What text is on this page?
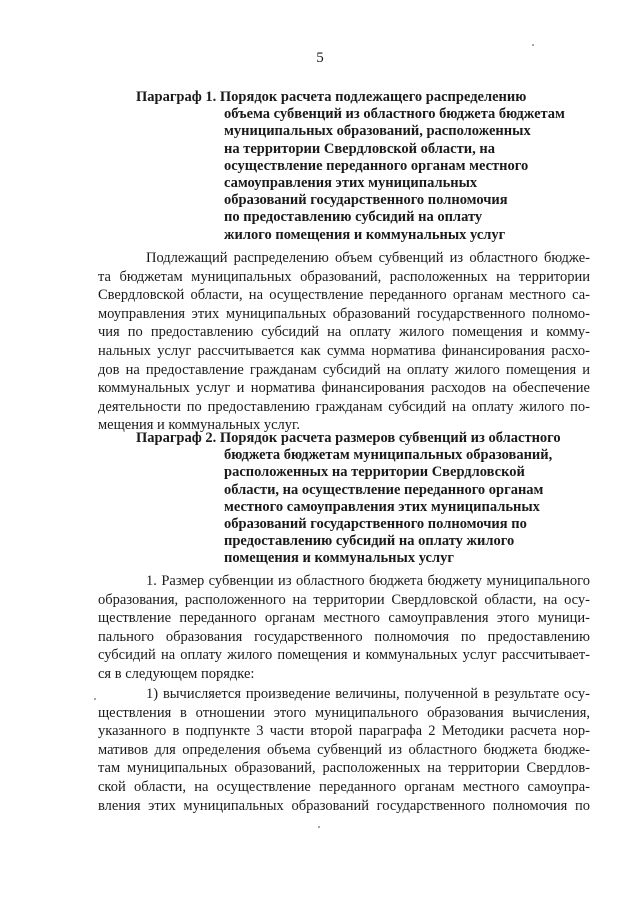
5
Параграф 1. Порядок расчета подлежащего распределению
объема субвенций из областного бюджета бюджетам
муниципальных образований, расположенных
на территории Свердловской области, на
осуществление переданного органам местного
самоуправления этих муниципальных
образований государственного полномочия
по предоставлению субсидий на оплату
жилого помещения и коммунальных услуг
Подлежащий распределению объем субвенций из областного бюдже-
та бюджетам муниципальных образований, расположенных на территории
Свердловской области, на осуществление переданного органам местного са-
моуправления этих муниципальных образований государственного полномо-
чия по предоставлению субсидий на оплату жилого помещения и комму-
нальных услуг рассчитывается как сумма норматива финансирования расхо-
дов на предоставление гражданам субсидий на оплату жилого помещения и
коммунальных услуг и норматива финансирования расходов на обеспечение
деятельности по предоставлению гражданам субсидий на оплату жилого по-
мещения и коммунальных услуг.
Параграф 2. Порядок расчета размеров субвенций из областного
бюджета бюджетам муниципальных образований,
расположенных на территории Свердловской
области, на осуществление переданного органам
местного самоуправления этих муниципальных
образований государственного полномочия по
предоставлению субсидий на оплату жилого
помещения и коммунальных услуг
1. Размер субвенции из областного бюджета бюджету муниципального
образования, расположенного на территории Свердловской области, на осу-
ществление переданного органам местного самоуправления этого муници-
пального образования государственного полномочия по предоставлению
субсидий на оплату жилого помещения и коммунальных услуг рассчитывает-
ся в следующем порядке:
1) вычисляется произведение величины, полученной в результате осу-
ществления в отношении этого муниципального образования вычисления,
указанного в подпункте 3 части второй параграфа 2 Методики расчета нор-
мативов для определения объема субвенций из областного бюджета бюдже-
там муниципальных образований, расположенных на территории Свердлов-
ской области, на осуществление переданного органам местного самоупра-
вления этих муниципальных образований государственного полномочия по
